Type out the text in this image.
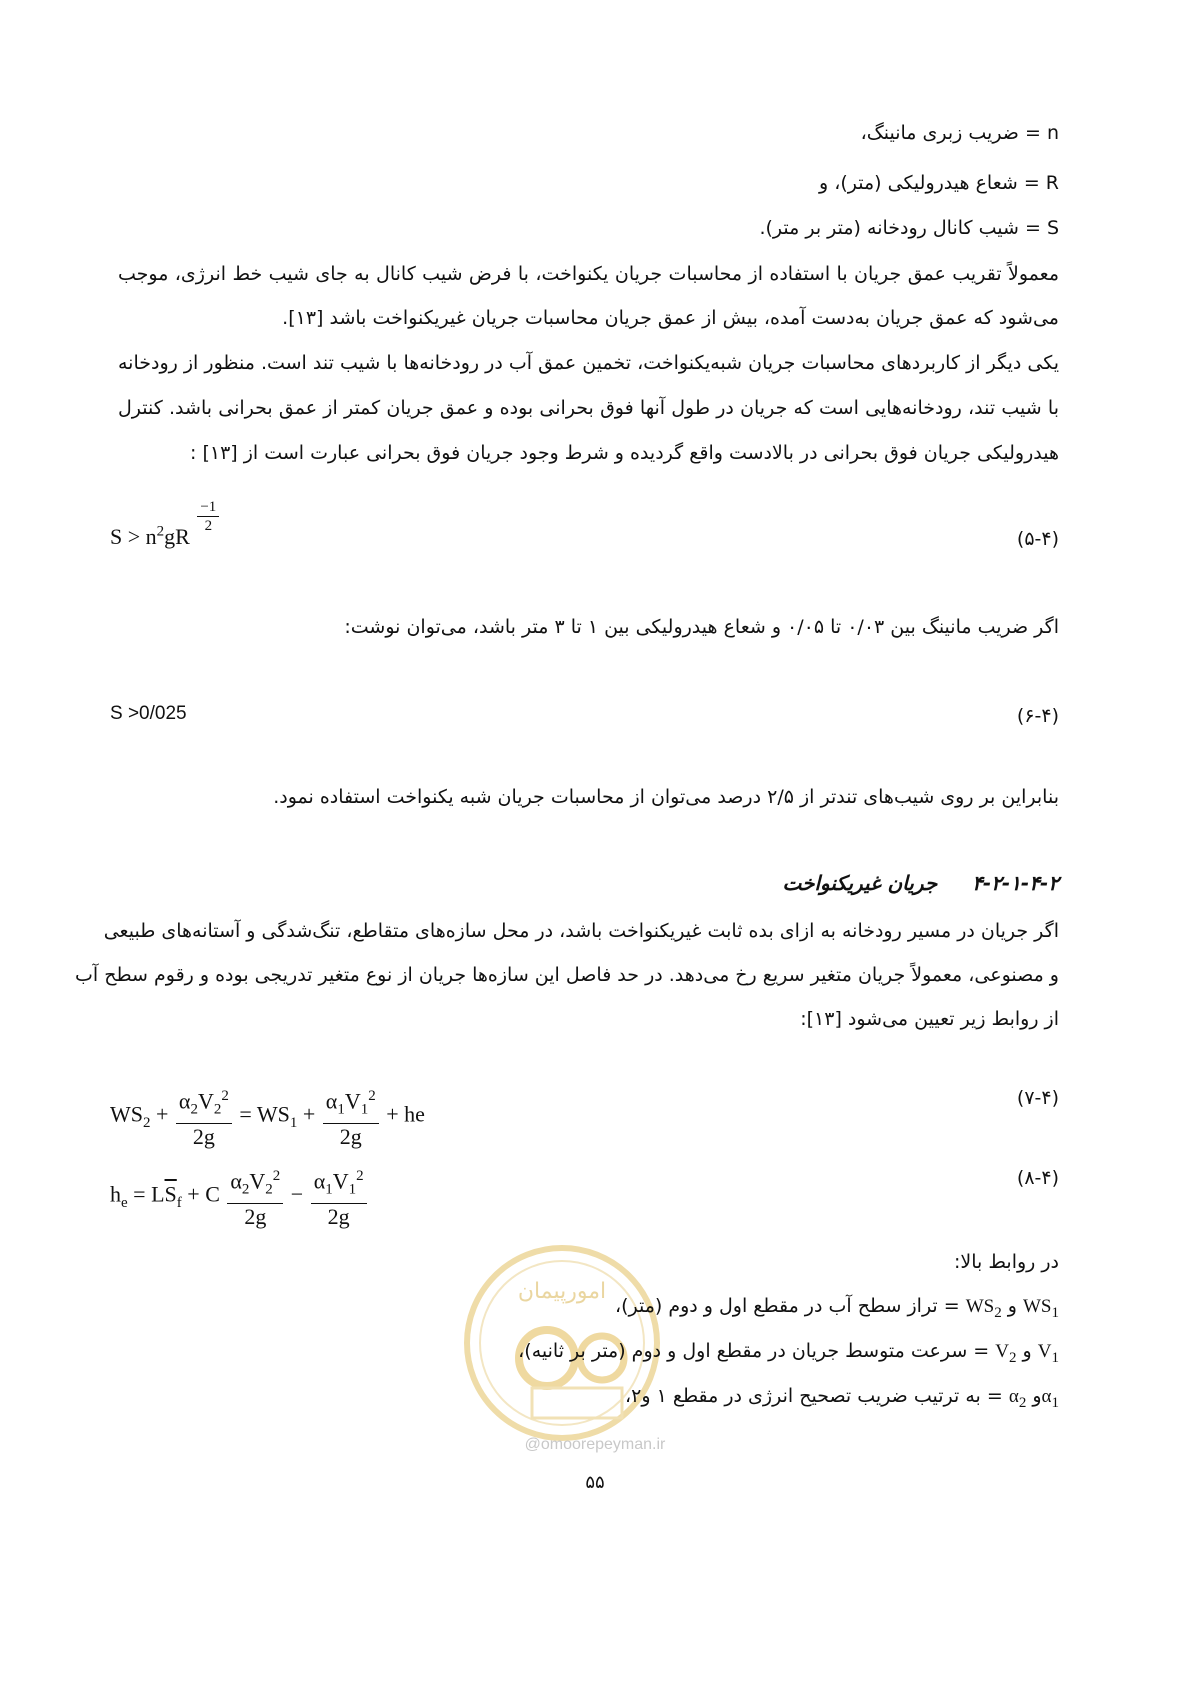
امورپیمان
n = ضریب زبری مانینگ،
R = شعاع هیدرولیکی (متر)، و
S = شیب کانال رودخانه (متر بر متر).
معمولاً تقریب عمق جریان با استفاده از محاسبات جریان یکنواخت، با فرض شیب کانال به جای شیب خط انرژی، موجب
می‌شود که عمق جریان به‌دست آمده، بیش از عمق جریان محاسبات جریان غیریکنواخت باشد [۱۳].
یکی دیگر از کاربردهای محاسبات جریان شبه‌یکنواخت، تخمین عمق آب در رودخانه‌ها با شیب تند است. منظور از رودخانه
با شیب تند، رودخانه‌هایی است که جریان در طول آنها فوق بحرانی بوده و عمق جریان کمتر از عمق بحرانی باشد. کنترل
هیدرولیکی جریان فوق بحرانی در بالادست واقع گردیده و شرط وجود جریان فوق بحرانی عبارت است از [۱۳] :
$S > n^2gR$
$\frac{-1}{2}$
(۵-۴)
اگر ضریب مانینگ بین ۰/۰۳ تا ۰/۰۵ و شعاع هیدرولیکی بین ۱ تا ۳ متر باشد، می‌توان نوشت:
S >0/025	(۶-۴)
بنابراین بر روی شیب‌های تندتر از ۲/۵ درصد می‌توان از محاسبات جریان شبه یکنواخت استفاده نمود.
۴-۲-۱-۴-۲     جریان غیریکنواخت
اگر جریان در مسیر رودخانه به ازای بده ثابت غیریکنواخت باشد، در محل سازه‌های متقاطع، تنگ‌شدگی و آستانه‌های طبیعی
و مصنوعی، معمولاً جریان متغیر سریع رخ می‌دهد. در حد فاصل این سازه‌ها جریان از نوع متغیر تدریجی بوده و رقوم سطح آب
از روابط زیر تعیین می‌شود [۱۳]:
$WS_2 + \frac{\alpha_2V_2^2}{2g} = WS_1 + \frac{\alpha_1V_1^2}{2g}$ + he
(۷-۴)
$h_e = L\overline{S}_f + C \frac{\alpha_2V_2^2}{2g} - \frac{\alpha_1V_1^2}{2g}$	(۸-۴)
در روابط بالا:
$WS_1$ و $WS_2$ = تراز سطح آب در مقطع اول و دوم (متر)،
$V_1$ و $V_2$ = سرعت متوسط جریان در مقطع اول و دوم (متر بر ثانیه)،
$\alpha_1و$ $\alpha_2$ = به ترتیب ضریب تصحیح انرژی در مقطع ۱ و۲،
@omoorepeyman.ir
۵۵
